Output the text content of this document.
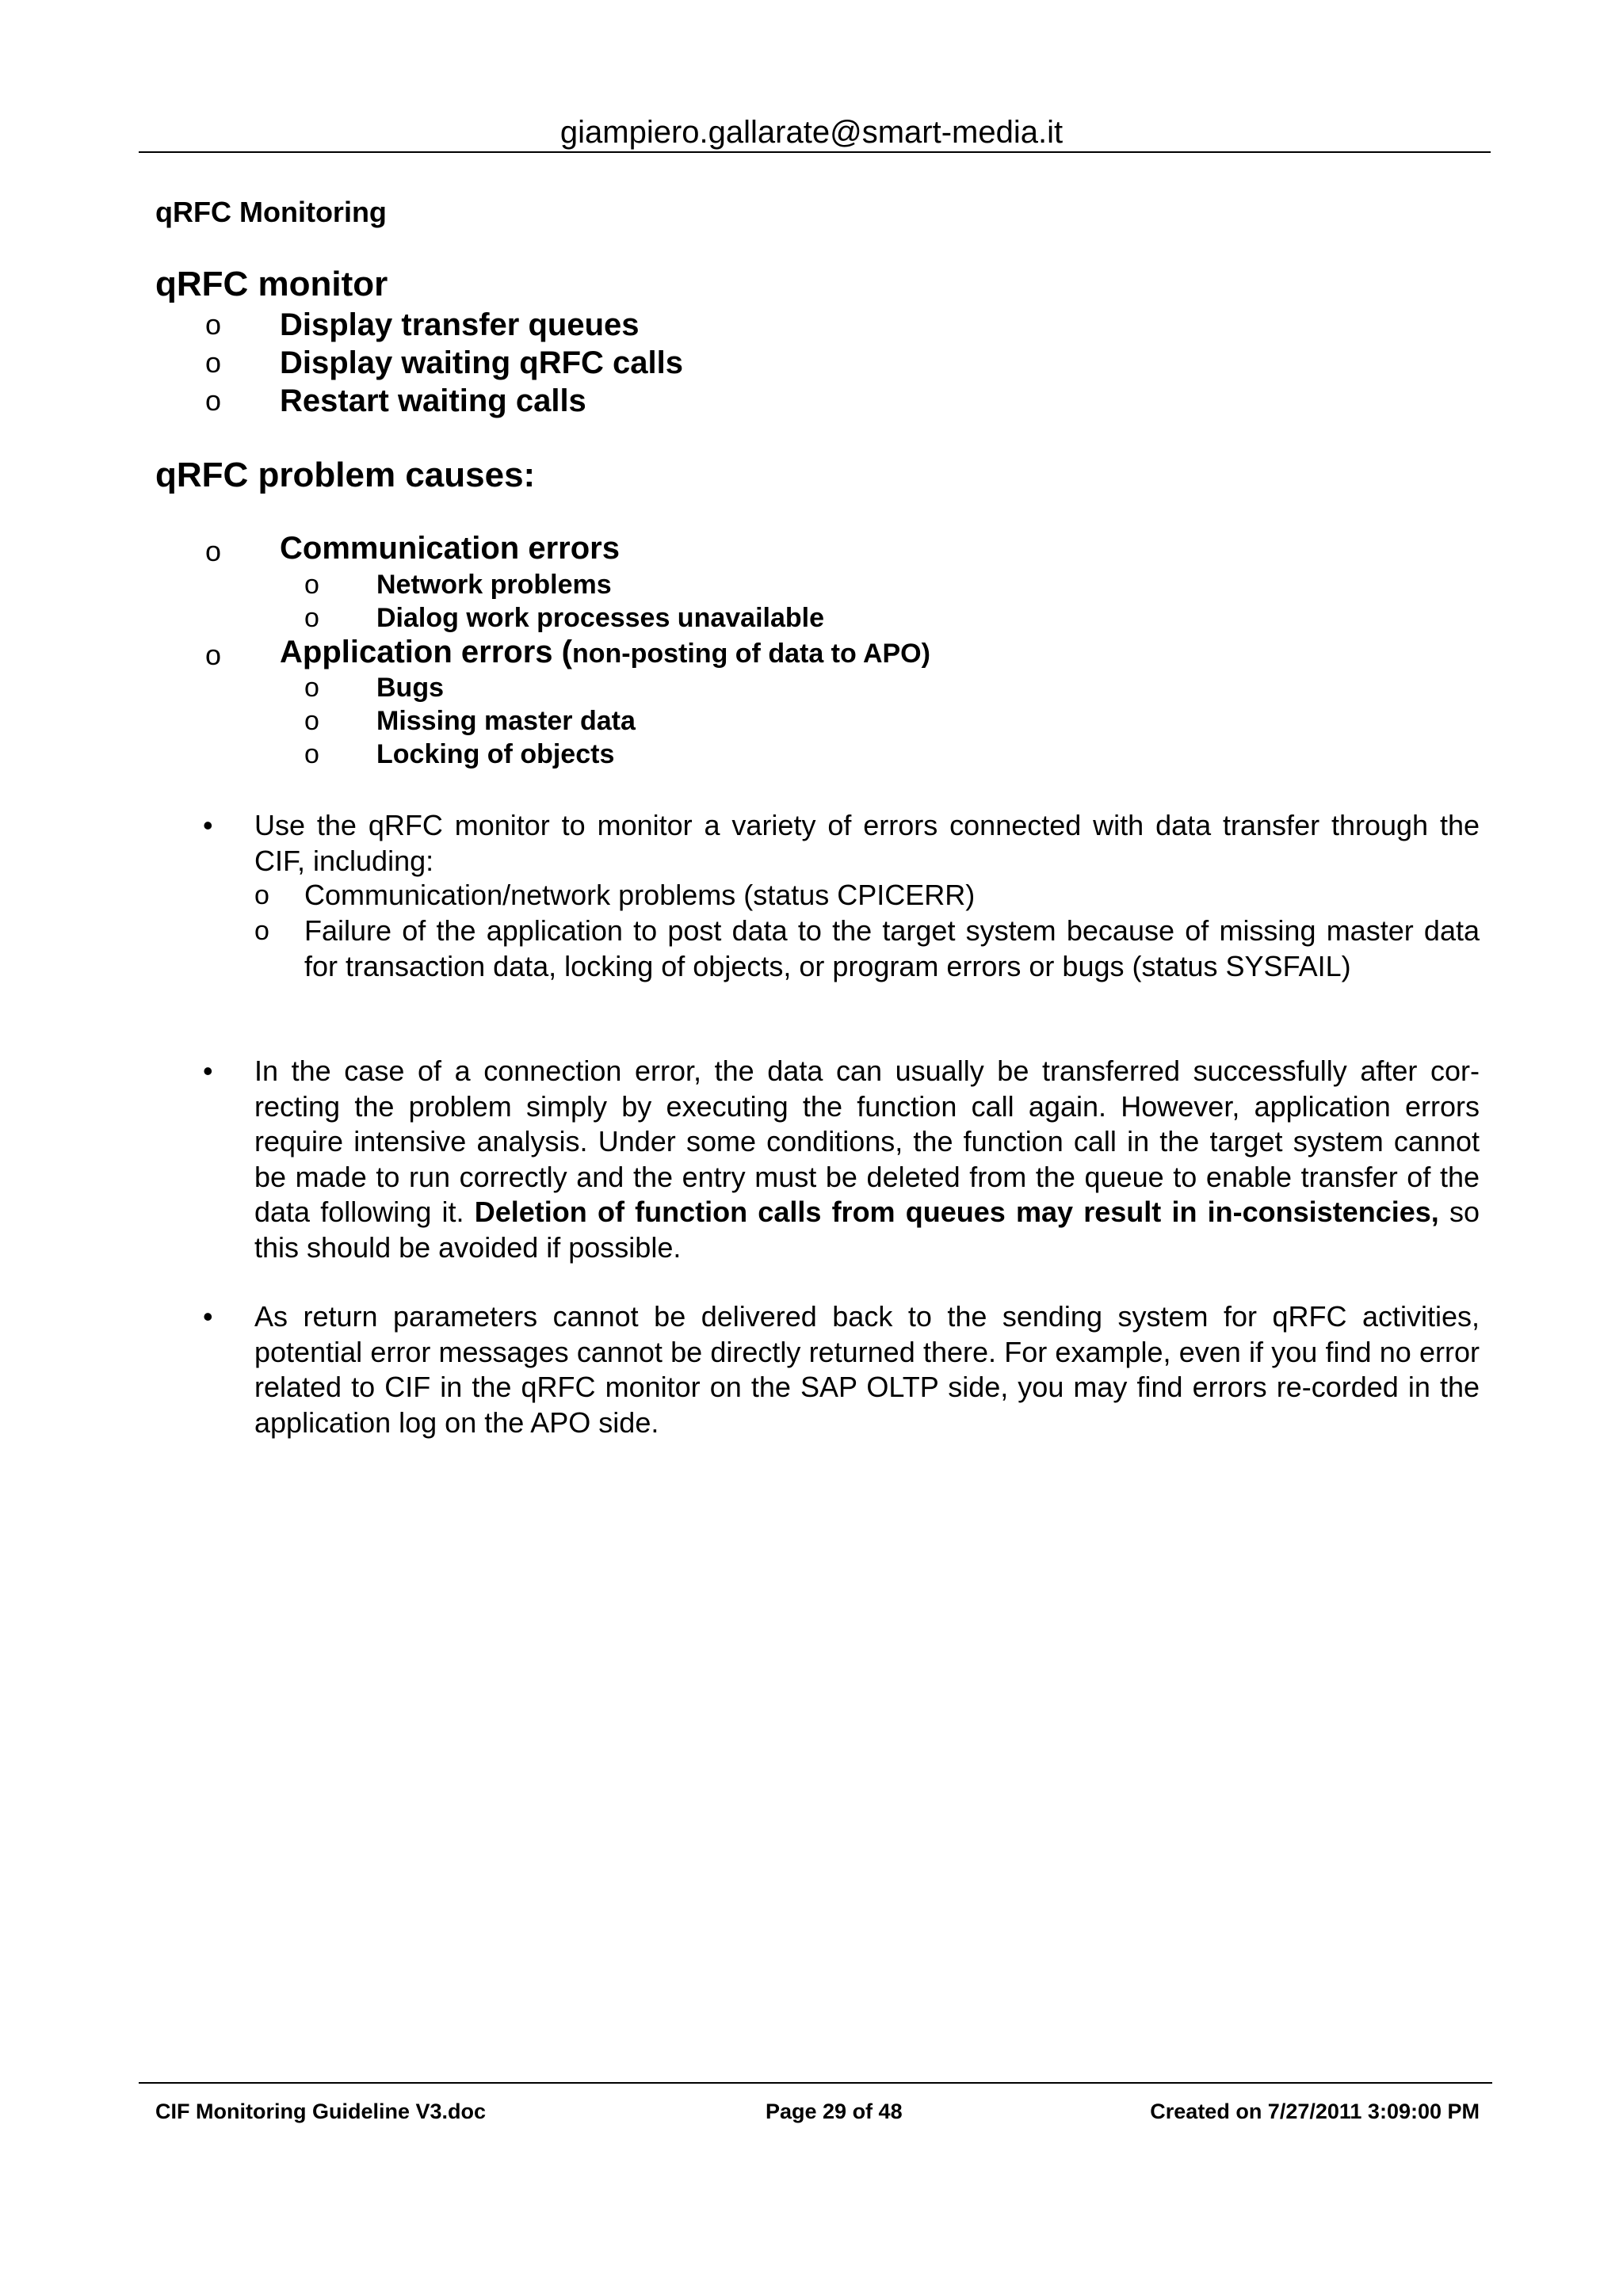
giampiero.gallarate@smart-media.it
qRFC Monitoring
qRFC monitor
o Display transfer queues
o Display waiting qRFC calls
o Restart waiting calls
qRFC problem causes:
o Communication errors
o Network problems
o Dialog work processes unavailable
o Application errors (non-posting of data to APO)
o Bugs
o Missing master data
o Locking of objects
• Use the qRFC monitor to monitor a variety of errors connected with data transfer through the CIF, including:
o Communication/network problems (status CPICERR)
o Failure of the application to post data to the target system because of missing master data for transaction data, locking of objects, or program errors or bugs (status SYSFAIL)
• In the case of a connection error, the data can usually be transferred successfully after cor-recting the problem simply by executing the function call again. However, application errors require intensive analysis. Under some conditions, the function call in the target system cannot be made to run correctly and the entry must be deleted from the queue to enable transfer of the data following it. Deletion of function calls from queues may result in in-consistencies, so this should be avoided if possible.
• As return parameters cannot be delivered back to the sending system for qRFC activities, potential error messages cannot be directly returned there. For example, even if you find no error related to CIF in the qRFC monitor on the SAP OLTP side, you may find errors re-corded in the application log on the APO side.
CIF Monitoring Guideline V3.doc	Page 29 of 48	Created on 7/27/2011 3:09:00 PM
